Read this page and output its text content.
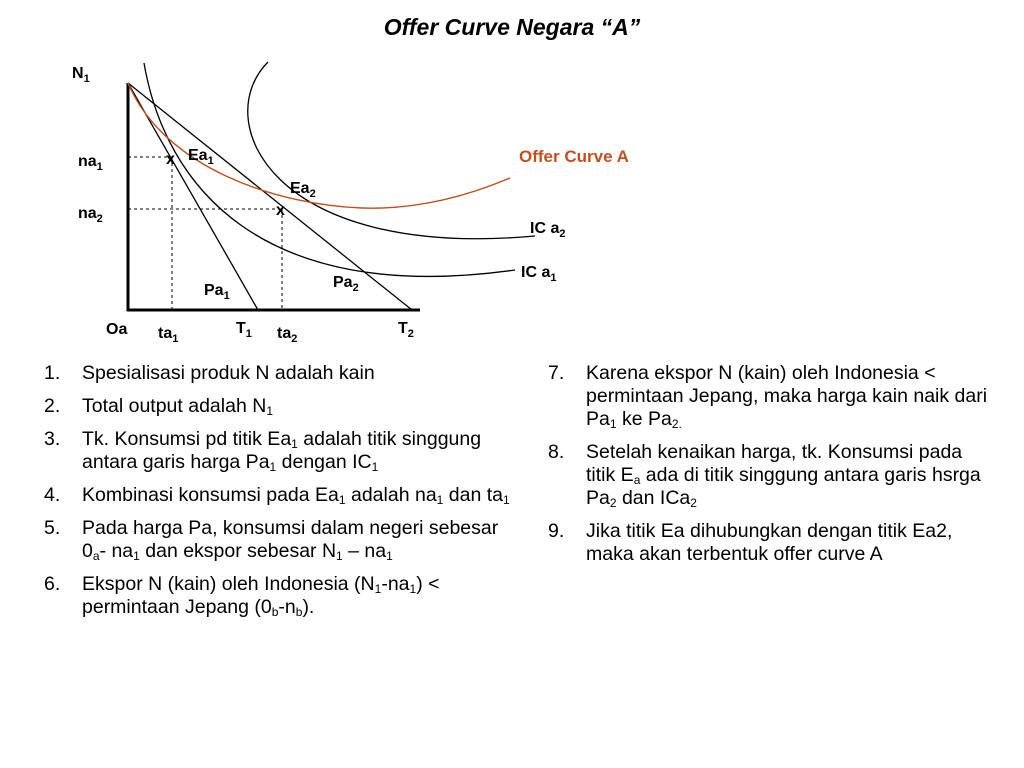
Offer Curve Negara “A”
x
x
$N_1$
$na_1$
$na_2$
Oa $ta_1$
$T_1$ $ta_2$
$T_2$
$Ea_1$
$Ea_2$
$Pa_1$
$Pa_2$
IC $a_2$
IC $a_1$
Offer Curve A
1. Spesialisasi produk N adalah kain
2. Total output adalah $N_1$
3. Tk. Konsumsi pd titik $Ea_1$ adalah titik singgung antara garis harga $Pa_1$ dengan $IC_1$
4. Kombinasi konsumsi pada $Ea_1$ adalah $na_1$ dan $ta_1$
5. Pada harga Pa, konsumsi dalam negeri sebesar $0_a-$ $na_1$ dan ekspor sebesar $N_1 - na_1$
6. Ekspor N (kain) oleh Indonesia $(N_1-na_1)$ < permintaan Jepang $(0_b-n_b)$.
7. Karena ekspor N (kain) oleh Indonesia < permintaan Jepang, maka harga kain naik dari $Pa_1$ ke $Pa_{2.}$
8. Setelah kenaikan harga, tk. Konsumsi pada titik $E_a$ ada di titik singgung antara garis hsrga $Pa_2$ dan ICa$_2$
9. Jika titik Ea dihubungkan dengan titik Ea2, maka akan terbentuk offer curve A
